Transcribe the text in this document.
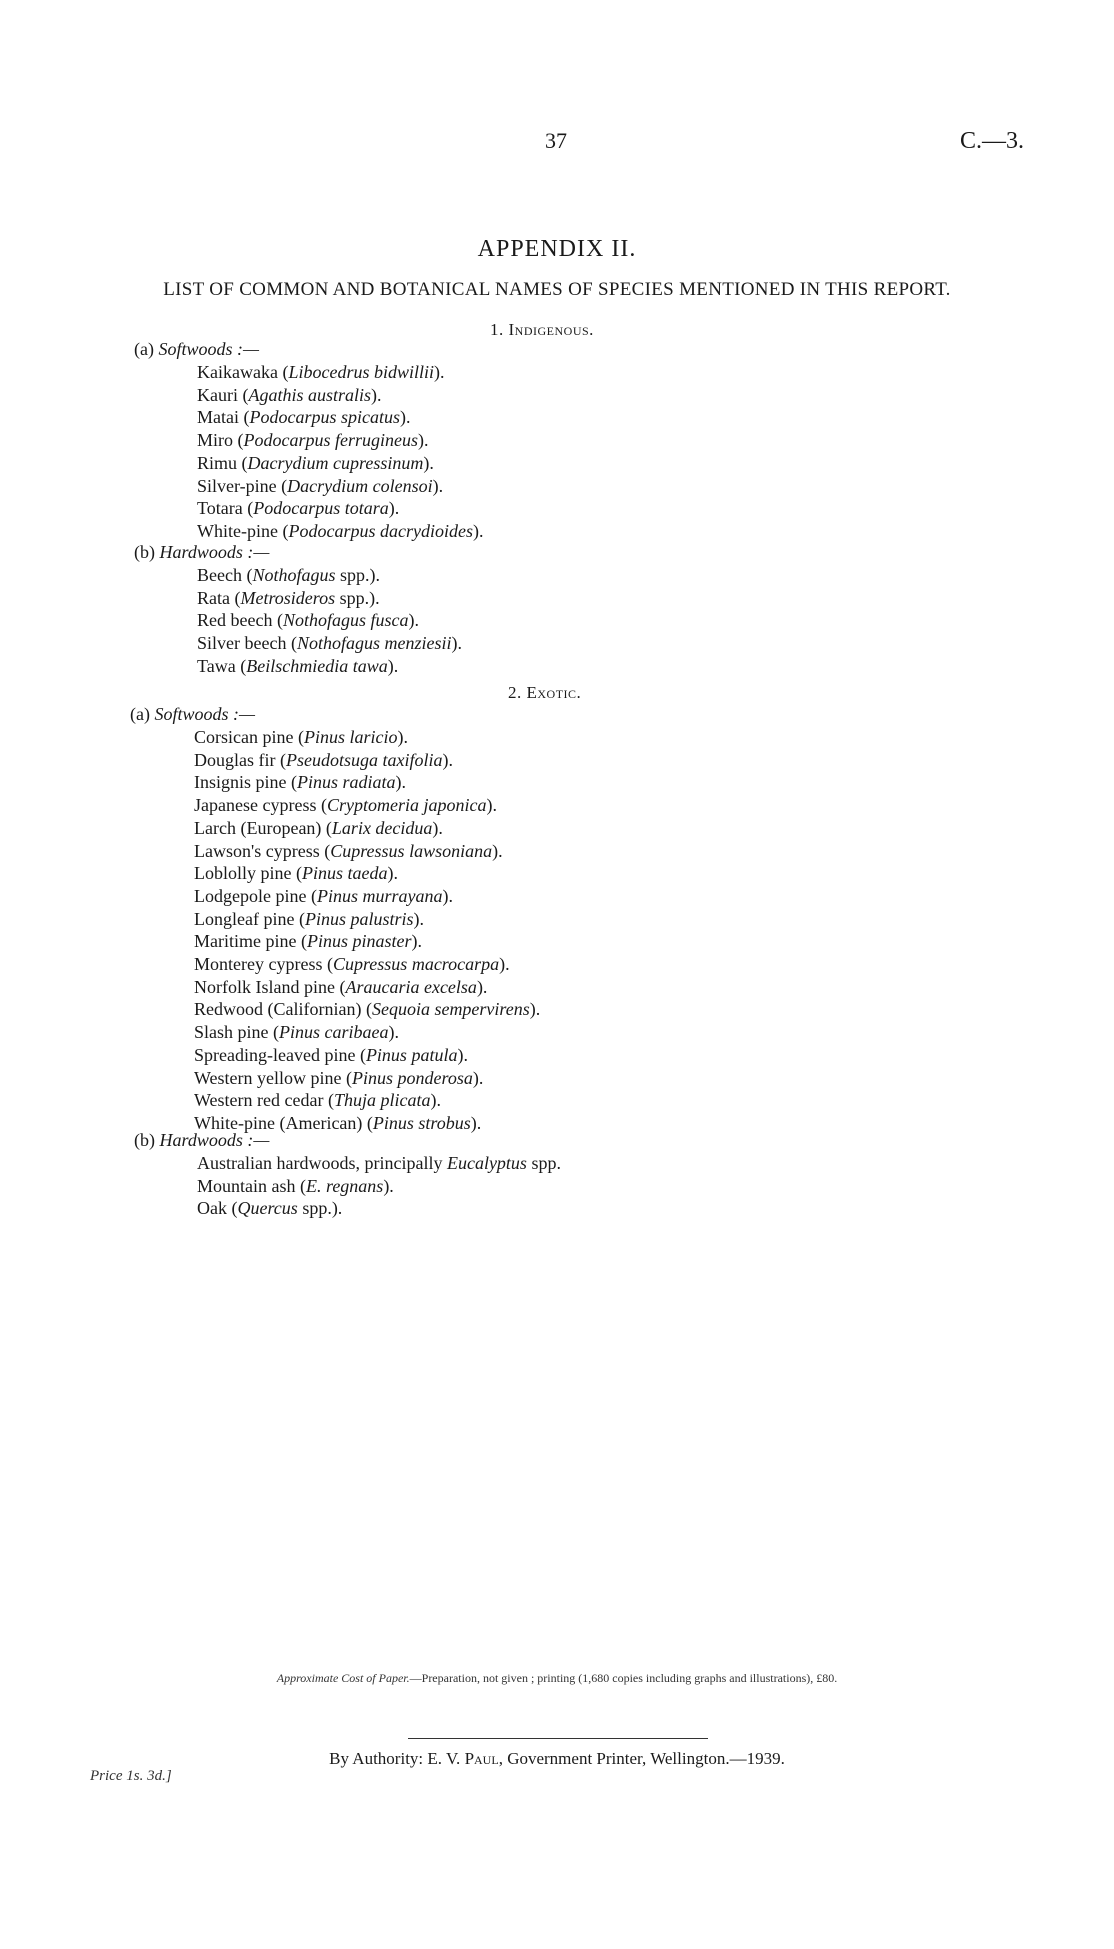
37	C.—3.
APPENDIX II.
LIST OF COMMON AND BOTANICAL NAMES OF SPECIES MENTIONED IN THIS REPORT.
1. Indigenous.
(a) Softwoods :—
Kaikawaka (Libocedrus bidwillii).
Kauri (Agathis australis).
Matai (Podocarpus spicatus).
Miro (Podocarpus ferrugineus).
Rimu (Dacrydium cupressinum).
Silver-pine (Dacrydium colensoi).
Totara (Podocarpus totara).
White-pine (Podocarpus dacrydioides).
(b) Hardwoods :—
Beech (Nothofagus spp.).
Rata (Metrosideros spp.).
Red beech (Nothofagus fusca).
Silver beech (Nothofagus menziesii).
Tawa (Beilschmiedia tawa).
2. Exotic.
(a) Softwoods :—
Corsican pine (Pinus laricio).
Douglas fir (Pseudotsuga taxifolia).
Insignis pine (Pinus radiata).
Japanese cypress (Cryptomeria japonica).
Larch (European) (Larix decidua).
Lawson's cypress (Cupressus lawsoniana).
Loblolly pine (Pinus taeda).
Lodgepole pine (Pinus murrayana).
Longleaf pine (Pinus palustris).
Maritime pine (Pinus pinaster).
Monterey cypress (Cupressus macrocarpa).
Norfolk Island pine (Araucaria excelsa).
Redwood (Californian) (Sequoia sempervirens).
Slash pine (Pinus caribaea).
Spreading-leaved pine (Pinus patula).
Western yellow pine (Pinus ponderosa).
Western red cedar (Thuja plicata).
White-pine (American) (Pinus strobus).
(b) Hardwoods :—
Australian hardwoods, principally Eucalyptus spp.
Mountain ash (E. regnans).
Oak (Quercus spp.).
Approximate Cost of Paper.—Preparation, not given ; printing (1,680 copies including graphs and illustrations), £80.
By Authority: E. V. Paul, Government Printer, Wellington.—1939.
Price 1s. 3d.]
